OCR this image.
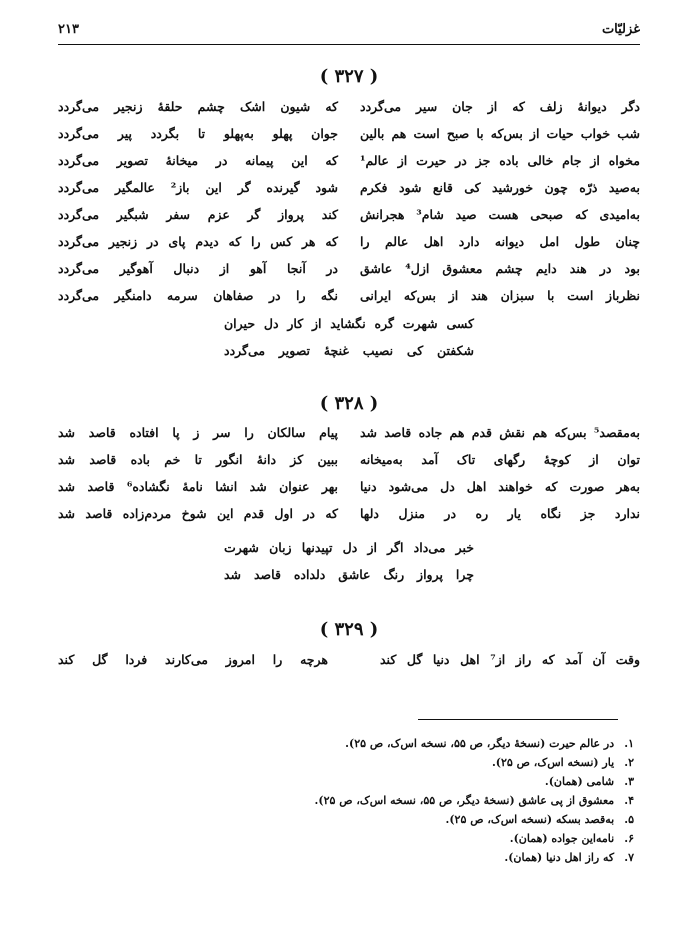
غزلیّات
۲۱۳
( ۳۲۷ )
دگر دیوانهٔ زلف که از جان سیر می‌گردد
که شیون اشک چشم حلقهٔ زنجیر می‌گردد
شب خواب حیات از بس‌که با صبح است هم بالین
جوان پهلو به‌پهلو تا بگردد پیر می‌گردد
مخواه از جام خالی باده جز در حیرت از عالم¹
که این پیمانه در میخانهٔ تصویر می‌گردد
به‌صید ذرّه چون خورشید کی قانع شود فکرم
شود گیرنده گر این باز² عالمگیر می‌گردد
به‌امیدی که صبحی هست صید شام³ هجرانش
کند پرواز گر عزم سفر شبگیر می‌گردد
چنان طول امل دیوانه دارد اهل عالم را
که هر کس را که دیدم پای در زنجیر می‌گردد
بود در هند دایم چشم معشوق ازل⁴ عاشق
در آنجا آهو از دنبال آهوگیر می‌گردد
نظرباز است با سبزان هند از بس‌که ایرانی
نگه را در صفاهان سرمه دامنگیر می‌گردد
کسی شهرت گره نگشاید از کار دل حیران
شکفتن کی نصیب غنچهٔ تصویر می‌گردد
( ۳۲۸ )
به‌مقصد⁵ بس‌که هم نقش قدم هم جاده قاصد شد
پیام سالکان را سر ز پا افتاده قاصد شد
توان از کوچهٔ رگهای تاک آمد به‌میخانه
ببین کز دانهٔ انگور تا خم باده قاصد شد
به‌هر صورت که خواهند اهل دل می‌شود دنیا
بهر عنوان شد انشا نامهٔ نگشاده⁶ قاصد شد
ندارد جز نگاه یار ره در منزل دلها
که در اول قدم این شوخ مردم‌زاده قاصد شد
خبر می‌داد اگر از دل تپیدنها زبان شهرت
چرا پرواز رنگ عاشق دلداده قاصد شد
( ۳۲۹ )
وقت آن آمد که راز از⁷ اهل دنیا گل کند
هرچه را امروز می‌کارند فردا گل کند
۱. در عالم حیرت (نسخهٔ دیگر، ص ۵۵، نسخه اس‌ک، ص ۲۵).
۲. یار (نسخه اس‌ک، ص ۲۵).
۳. شامی (همان).
۴. معشوق از پی عاشق (نسخهٔ دیگر، ص ۵۵، نسخه اس‌ک، ص ۲۵).
۵. به‌قصد بسکه (نسخه اس‌ک، ص ۲۵).
۶. نامه‌این جواده (همان).
۷. که راز اهل دنیا (همان).
